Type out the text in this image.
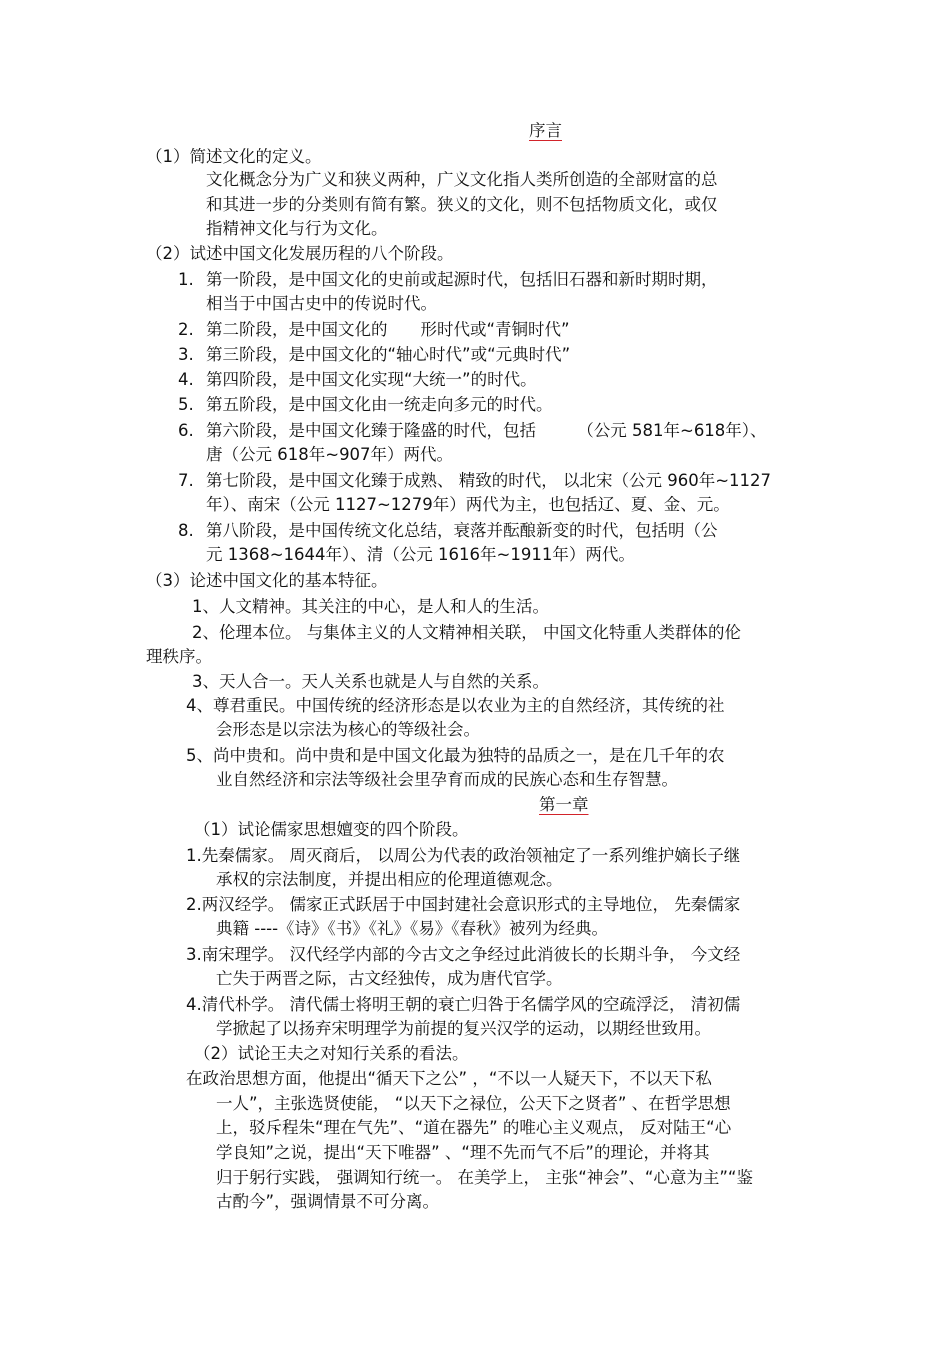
序言
（1）简述文化的定义。
文化概念分为广义和狭义两种，广义文化指人类所创造的全部财富的总
和其进一步的分类则有简有繁。狭义的文化，则不包括物质文化，或仅
指精神文化与行为文化。
（2）试述中国文化发展历程的八个阶段。
1. 第一阶段，是中国文化的史前或起源时代，包括旧石器和新时期时期，
相当于中国古史中的传说时代。
2. 第二阶段，是中国文化的　　形时代或“青铜时代”
3. 第三阶段，是中国文化的“轴心时代”或“元典时代”
4. 第四阶段，是中国文化实现“大统一”的时代。
5. 第五阶段，是中国文化由一统走向多元的时代。
6. 第六阶段，是中国文化臻于隆盛的时代，包括　　　（公元 581年~618年）、
唐（公元 618年~907年）两代。
7. 第七阶段，是中国文化臻于成熟、 精致的时代， 以北宋（公元 960年~1127
年）、南宋（公元 1127~1279年）两代为主，也包括辽、夏、金、元。
8. 第八阶段，是中国传统文化总结，衰落并酝酿新变的时代，包括明（公
元 1368~1644年）、清（公元 1616年~1911年）两代。
（3）论述中国文化的基本特征。
1、人文精神。其关注的中心，是人和人的生活。
2、伦理本位。 与集体主义的人文精神相关联， 中国文化特重人类群体的伦
理秩序。
3、天人合一。天人关系也就是人与自然的关系。
4、尊君重民。中国传统的经济形态是以农业为主的自然经济，其传统的社
会形态是以宗法为核心的等级社会。
5、尚中贵和。尚中贵和是中国文化最为独特的品质之一，是在几千年的农
业自然经济和宗法等级社会里孕育而成的民族心态和生存智慧。
第一章
（1）试论儒家思想嬗变的四个阶段。
1.先秦儒家。 周灭商后， 以周公为代表的政治领袖定了一系列维护嫡长子继
承权的宗法制度，并提出相应的伦理道德观念。
2.两汉经学。 儒家正式跃居于中国封建社会意识形式的主导地位， 先秦儒家
典籍 ----《诗》《书》《礼》《易》《春秋》被列为经典。
3.南宋理学。 汉代经学内部的今古文之争经过此消彼长的长期斗争， 今文经
亡失于两晋之际，古文经独传，成为唐代官学。
4.清代朴学。 清代儒士将明王朝的衰亡归咎于名儒学风的空疏浮泛， 清初儒
学掀起了以扬弃宋明理学为前提的复兴汉学的运动，以期经世致用。
（2）试论王夫之对知行关系的看法。
在政治思想方面，他提出“循天下之公” ，“不以一人疑天下，不以天下私
一人”，主张选贤使能， “以天下之禄位，公天下之贤者” 、在哲学思想
上，驳斥程朱“理在气先”、“道在器先” 的唯心主义观点， 反对陆王“心
学良知”之说，提出“天下唯器” 、“理不先而气不后”的理论，并将其
归于躬行实践， 强调知行统一。 在美学上， 主张“神会”、“心意为主”“鉴
古酌今”，强调情景不可分离。
